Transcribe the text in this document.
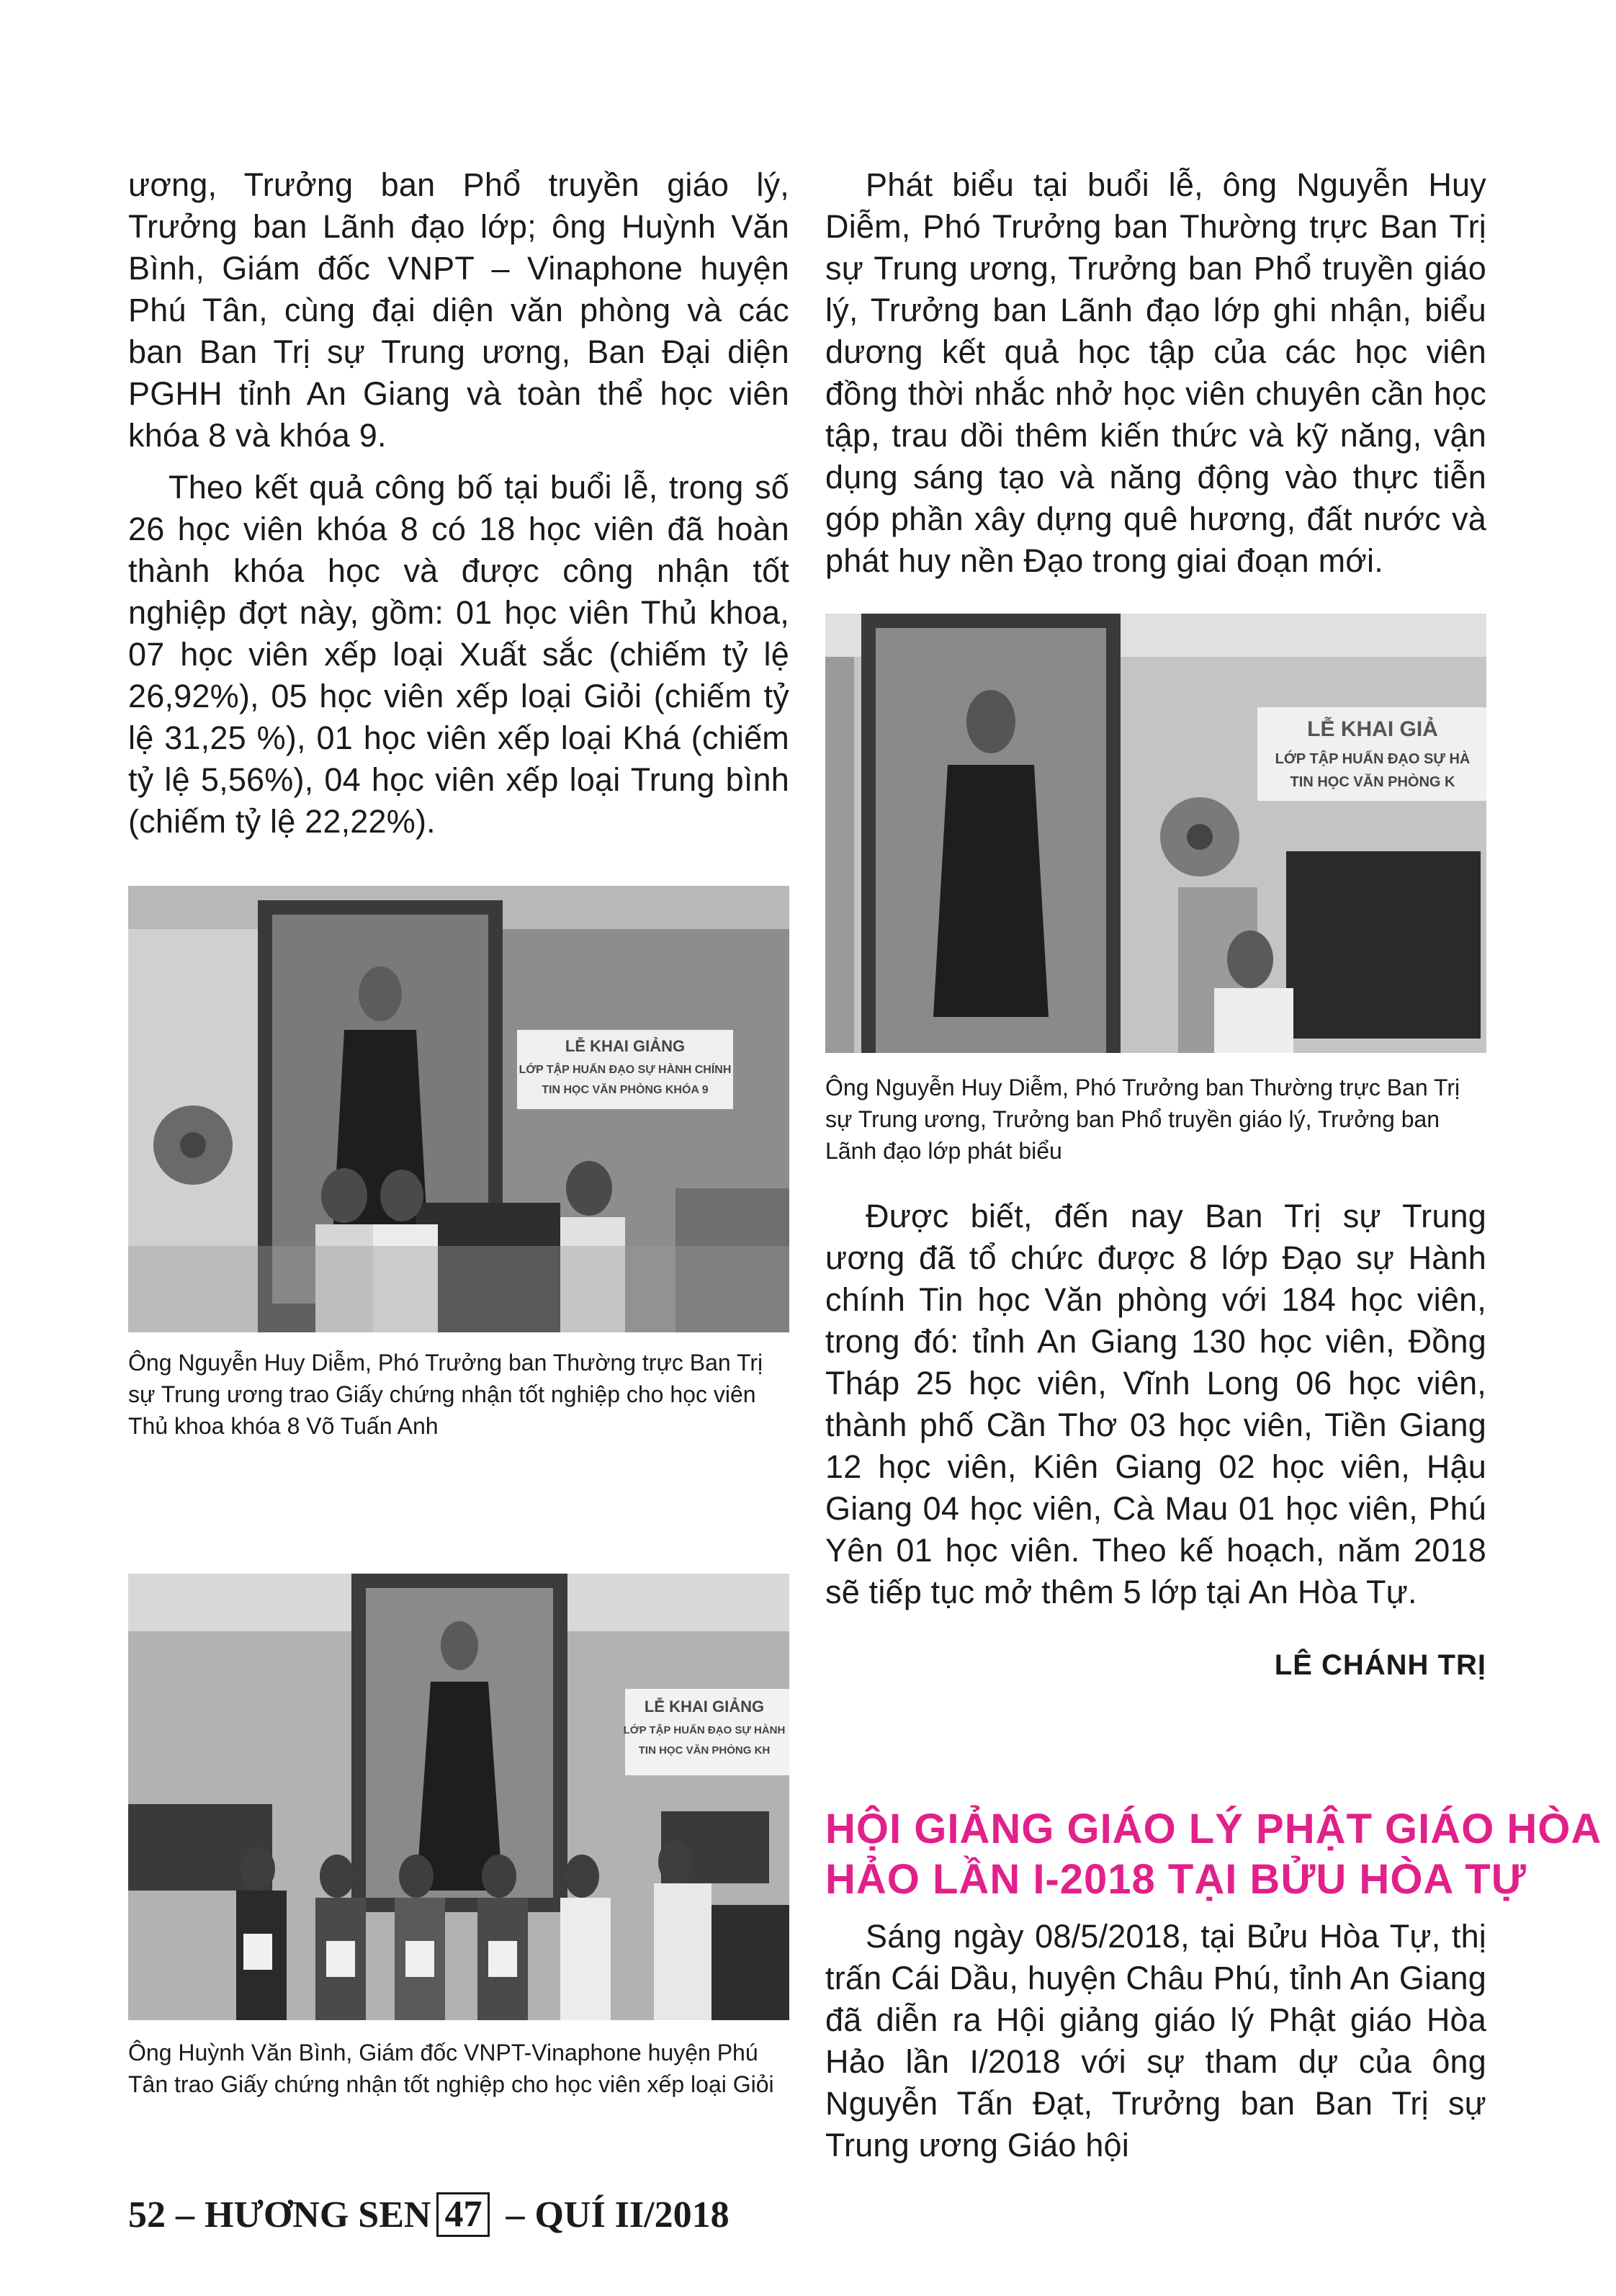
ương, Trưởng ban Phổ truyền giáo lý, Trưởng ban Lãnh đạo lớp; ông Huỳnh Văn Bình, Giám đốc VNPT – Vinaphone huyện Phú Tân, cùng đại diện văn phòng và các ban Ban Trị sự Trung ương, Ban Đại diện PGHH tỉnh An Giang và toàn thể học viên khóa 8 và khóa 9.

Theo kết quả công bố tại buổi lễ, trong số 26 học viên khóa 8 có 18 học viên đã hoàn thành khóa học và được công nhận tốt nghiệp đợt này, gồm: 01 học viên Thủ khoa, 07 học viên xếp loại Xuất sắc (chiếm tỷ lệ 26,92%), 05 học viên xếp loại Giỏi (chiếm tỷ lệ 31,25 %), 01 học viên xếp loại Khá (chiếm tỷ lệ 5,56%), 04 học viên xếp loại Trung bình (chiếm tỷ lệ 22,22%).

LỄ KHAI GIẢNG
LỚP TẬP HUẤN ĐẠO SỰ HÀNH CHÍNH
TIN HỌC VĂN PHÒNG KHÓA 9
Ông Nguyễn Huy Diễm, Phó Trưởng ban Thường trực Ban Trị sự Trung ương trao Giấy chứng nhận tốt nghiệp cho học viên Thủ khoa khóa 8 Võ Tuấn Anh
LỄ KHAI GIẢNG
LỚP TẬP HUẤN ĐẠO SỰ HÀNH
TIN HỌC VĂN PHÒNG KH
Ông Huỳnh Văn Bình, Giám đốc VNPT-Vinaphone huyện Phú Tân trao Giấy chứng nhận tốt nghiệp cho học viên xếp loại Giỏi

Phát biểu tại buổi lễ, ông Nguyễn Huy Diễm, Phó Trưởng ban Thường trực Ban Trị sự Trung ương, Trưởng ban Phổ truyền giáo lý, Trưởng ban Lãnh đạo lớp ghi nhận, biểu dương kết quả học tập của các học viên đồng thời nhắc nhở học viên chuyên cần học tập, trau dồi thêm kiến thức và kỹ năng, vận dụng sáng tạo và năng động vào thực tiễn góp phần xây dựng quê hương, đất nước và phát huy nền Đạo trong giai đoạn mới.

LỄ KHAI GIẢ
LỚP TẬP HUẤN ĐẠO SỰ HÀ
TIN HỌC VĂN PHÒNG K
Ông Nguyễn Huy Diễm, Phó Trưởng ban Thường trực Ban Trị sự Trung ương, Trưởng ban Phổ truyền giáo lý, Trưởng ban Lãnh đạo lớp phát biểu

Được biết, đến nay Ban Trị sự Trung ương đã tổ chức được 8 lớp Đạo sự Hành chính Tin học Văn phòng với 184 học viên, trong đó: tỉnh An Giang 130 học viên, Đồng Tháp 25 học viên, Vĩnh Long 06 học viên, thành phố Cần Thơ 03 học viên, Tiền Giang 12 học viên, Kiên Giang 02 học viên, Hậu Giang 04 học viên, Cà Mau 01 học viên, Phú Yên 01 học viên. Theo kế hoạch, năm 2018 sẽ tiếp tục mở thêm 5 lớp tại An Hòa Tự.

LÊ CHÁNH TRỊ
HỘI GIẢNG GIÁO LÝ PHẬT GIÁO HÒA
HẢO LẦN I-2018 TẠI BỬU HÒA TỰ

Sáng ngày 08/5/2018, tại Bửu Hòa Tự, thị trấn Cái Dầu, huyện Châu Phú, tỉnh An Giang đã diễn ra Hội giảng giáo lý Phật giáo Hòa Hảo lần I/2018 với sự tham dự của ông Nguyễn Tấn Đạt, Trưởng ban Ban Trị sự Trung ương Giáo hội

52 – HƯƠNG SEN 47 – QUÍ II/2018
